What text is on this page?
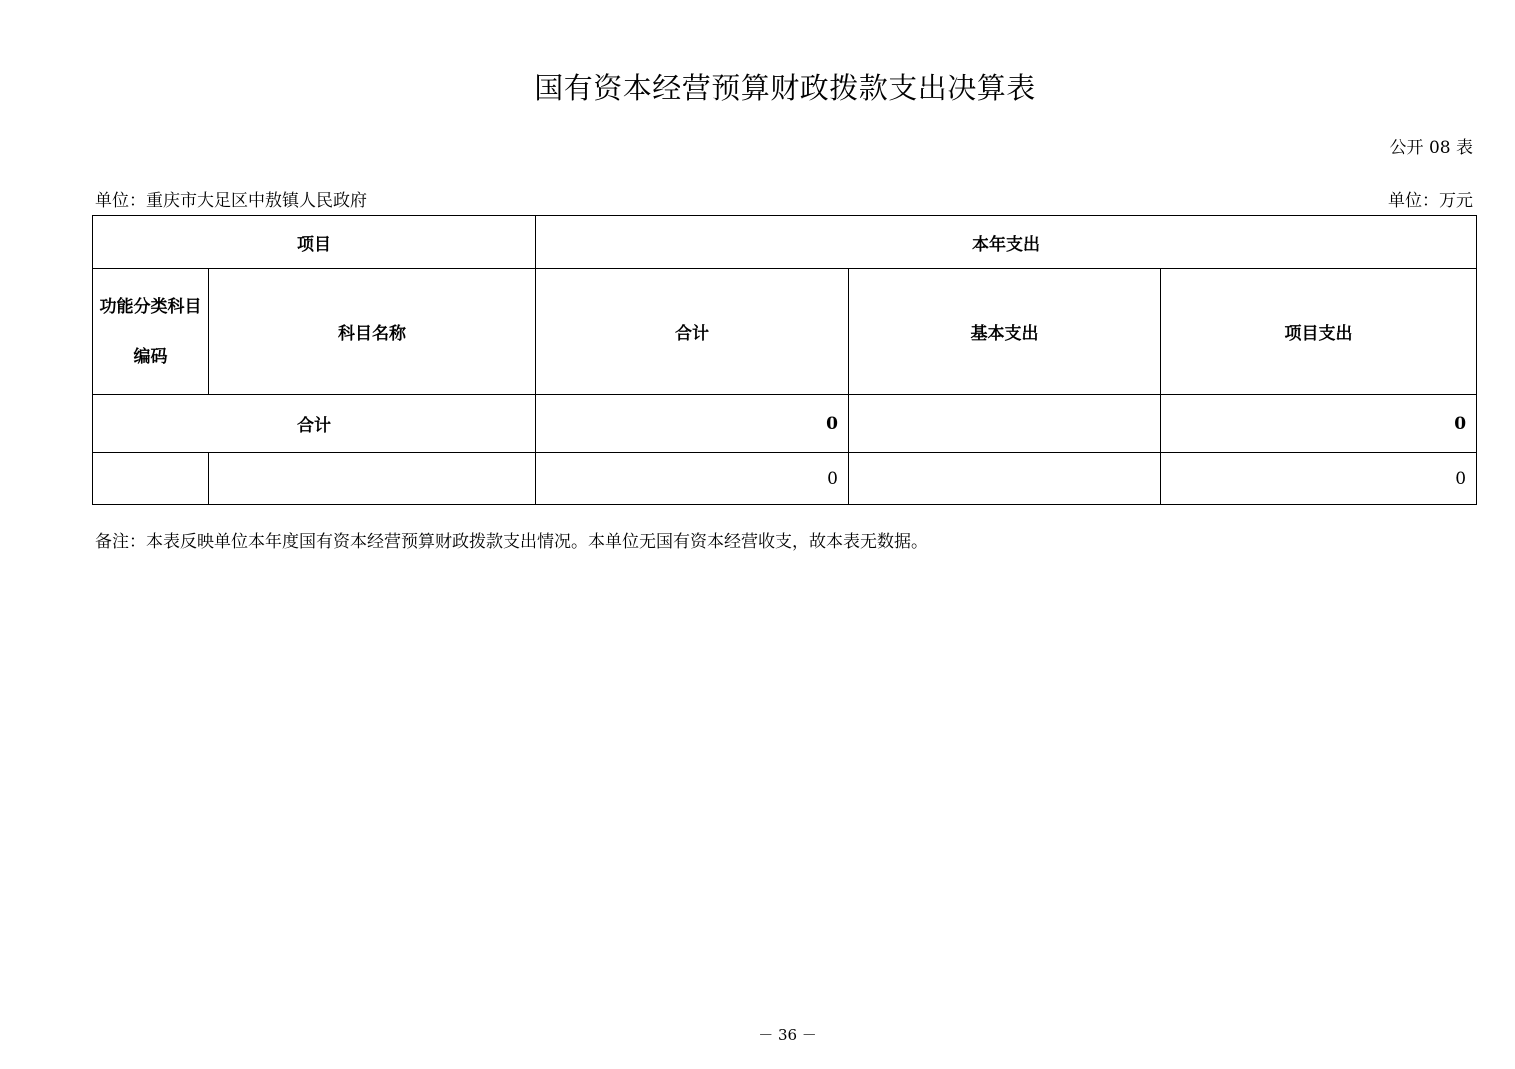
国有资本经营预算财政拨款支出决算表
公开 08 表
单位：重庆市大足区中敖镇人民政府	单位：万元
项目		本年支出		
功能分类科目
编码	科目名称	合计	基本支出	项目支出
合计		0		0
		0		0
备注：本表反映单位本年度国有资本经营预算财政拨款支出情况。本单位无国有资本经营收支，故本表无数据。
－ 36 －
